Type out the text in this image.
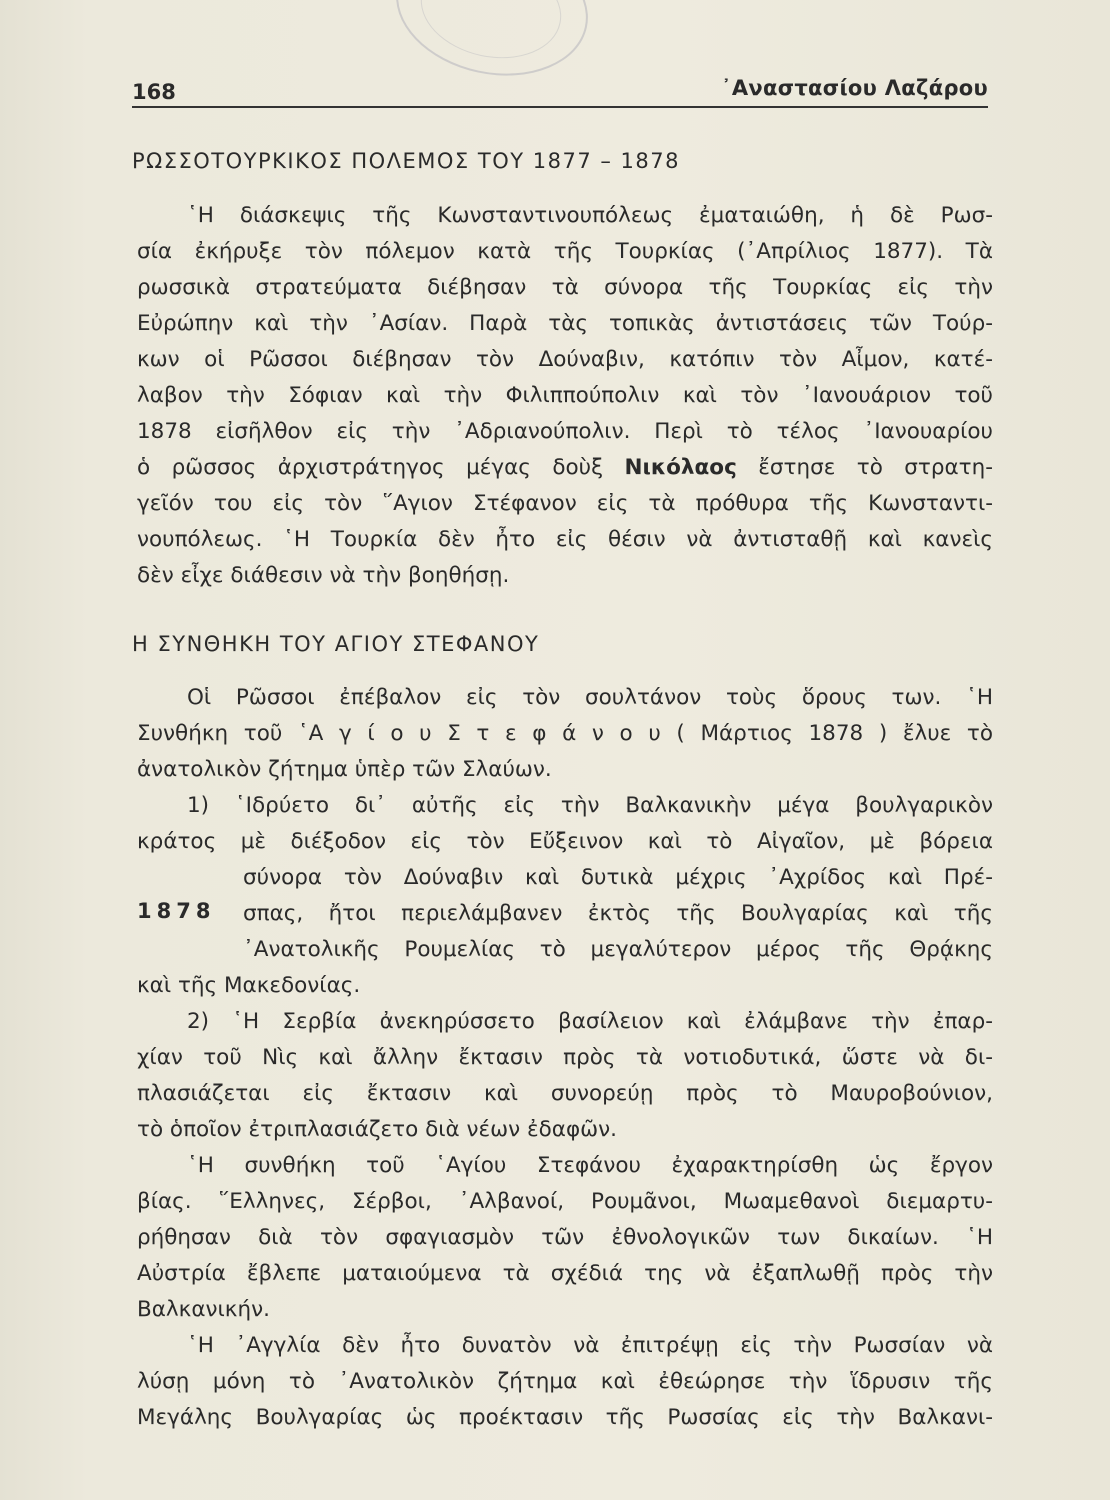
168	᾿Αναστασίου Λαζάρου
ΡΩΣΣΟΤΟΥΡΚΙΚΟΣ ΠΟΛΕΜΟΣ ΤΟΥ 1877 – 1878
῾Η διάσκεψις τῆς Κωνσταντινουπόλεως ἐματαιώθη, ἡ δὲ Ρωσ-
σία ἐκήρυξε τὸν πόλεμον κατὰ τῆς Τουρκίας (᾿Απρίλιος 1877). Τὰ
ρωσσικὰ στρατεύματα διέβησαν τὰ σύνορα τῆς Τουρκίας εἰς τὴν
Εὐρώπην καὶ τὴν ᾿Ασίαν. Παρὰ τὰς τοπικὰς ἀντιστάσεις τῶν Τούρ-
κων οἱ Ρῶσσοι διέβησαν τὸν Δούναβιν, κατόπιν τὸν Αἶμον, κατέ-
λαβον τὴν Σόφιαν καὶ τὴν Φιλιππούπολιν καὶ τὸν ᾿Ιανουάριον τοῦ
1878 εἰσῆλθον εἰς τὴν ᾿Αδριανούπολιν. Περὶ τὸ τέλος ᾿Ιανουαρίου
ὁ ρῶσσος ἀρχιστράτηγος μέγας δοὺξ Νικόλαος ἔστησε τὸ στρατη-
γεῖόν του εἰς τὸν ῞Αγιον Στέφανον εἰς τὰ πρόθυρα τῆς Κωνσταντι-
νουπόλεως. ῾Η Τουρκία δὲν ἦτο εἰς θέσιν νὰ ἀντισταθῇ καὶ κανεὶς
δὲν εἶχε διάθεσιν νὰ τὴν βοηθήσῃ.
Η ΣΥΝΘΗΚΗ ΤΟΥ ΑΓΙΟΥ ΣΤΕΦΑΝΟΥ
Οἱ Ρῶσσοι ἐπέβαλον εἰς τὸν σουλτάνον τοὺς ὅρους των. ῾Η
Συνθήκη τοῦ ῾Α γ ί ο υ Σ τ ε φ ά ν ο υ ( Μάρτιος 1878 ) ἔλυε τὸ
ἀνατολικὸν ζήτημα ὑπὲρ τῶν Σλαύων.
1) ῾Ιδρύετο δι᾿ αὐτῆς εἰς τὴν Βαλκανικὴν μέγα βουλγαρικὸν
κράτος μὲ διέξοδον εἰς τὸν Εὔξεινον καὶ τὸ Αἰγαῖον, μὲ βόρεια
σύνορα τὸν Δούναβιν καὶ δυτικὰ μέχρις ᾿Αχρίδος καὶ Πρέ-
1878 σπας, ἤτοι περιελάμβανεν ἐκτὸς τῆς Βουλγαρίας καὶ τῆς
᾿Ανατολικῆς Ρουμελίας τὸ μεγαλύτερον μέρος τῆς Θρᾴκης
καὶ τῆς Μακεδονίας.
2) ῾Η Σερβία ἀνεκηρύσσετο βασίλειον καὶ ἐλάμβανε τὴν ἐπαρ-
χίαν τοῦ Νὶς καὶ ἄλλην ἔκτασιν πρὸς τὰ νοτιοδυτικά, ὥστε νὰ δι-
πλασιάζεται εἰς ἔκτασιν καὶ συνορεύῃ πρὸς τὸ Μαυροβούνιον,
τὸ ὁποῖον ἐτριπλασιάζετο διὰ νέων ἐδαφῶν.
῾Η συνθήκη τοῦ ῾Αγίου Στεφάνου ἐχαρακτηρίσθη ὡς ἔργον
βίας. ῞Ελληνες, Σέρβοι, ᾿Αλβανοί, Ρουμᾶνοι, Μωαμεθανοὶ διεμαρτυ-
ρήθησαν διὰ τὸν σφαγιασμὸν τῶν ἐθνολογικῶν των δικαίων. ῾Η
Αὐστρία ἔβλεπε ματαιούμενα τὰ σχέδιά της νὰ ἐξαπλωθῇ πρὸς τὴν
Βαλκανικήν.
῾Η ᾿Αγγλία δὲν ἦτο δυνατὸν νὰ ἐπιτρέψῃ εἰς τὴν Ρωσσίαν νὰ
λύσῃ μόνη τὸ ᾿Ανατολικὸν ζήτημα καὶ ἐθεώρησε τὴν ἵδρυσιν τῆς
Μεγάλης Βουλγαρίας ὡς προέκτασιν τῆς Ρωσσίας εἰς τὴν Βαλκανι-
